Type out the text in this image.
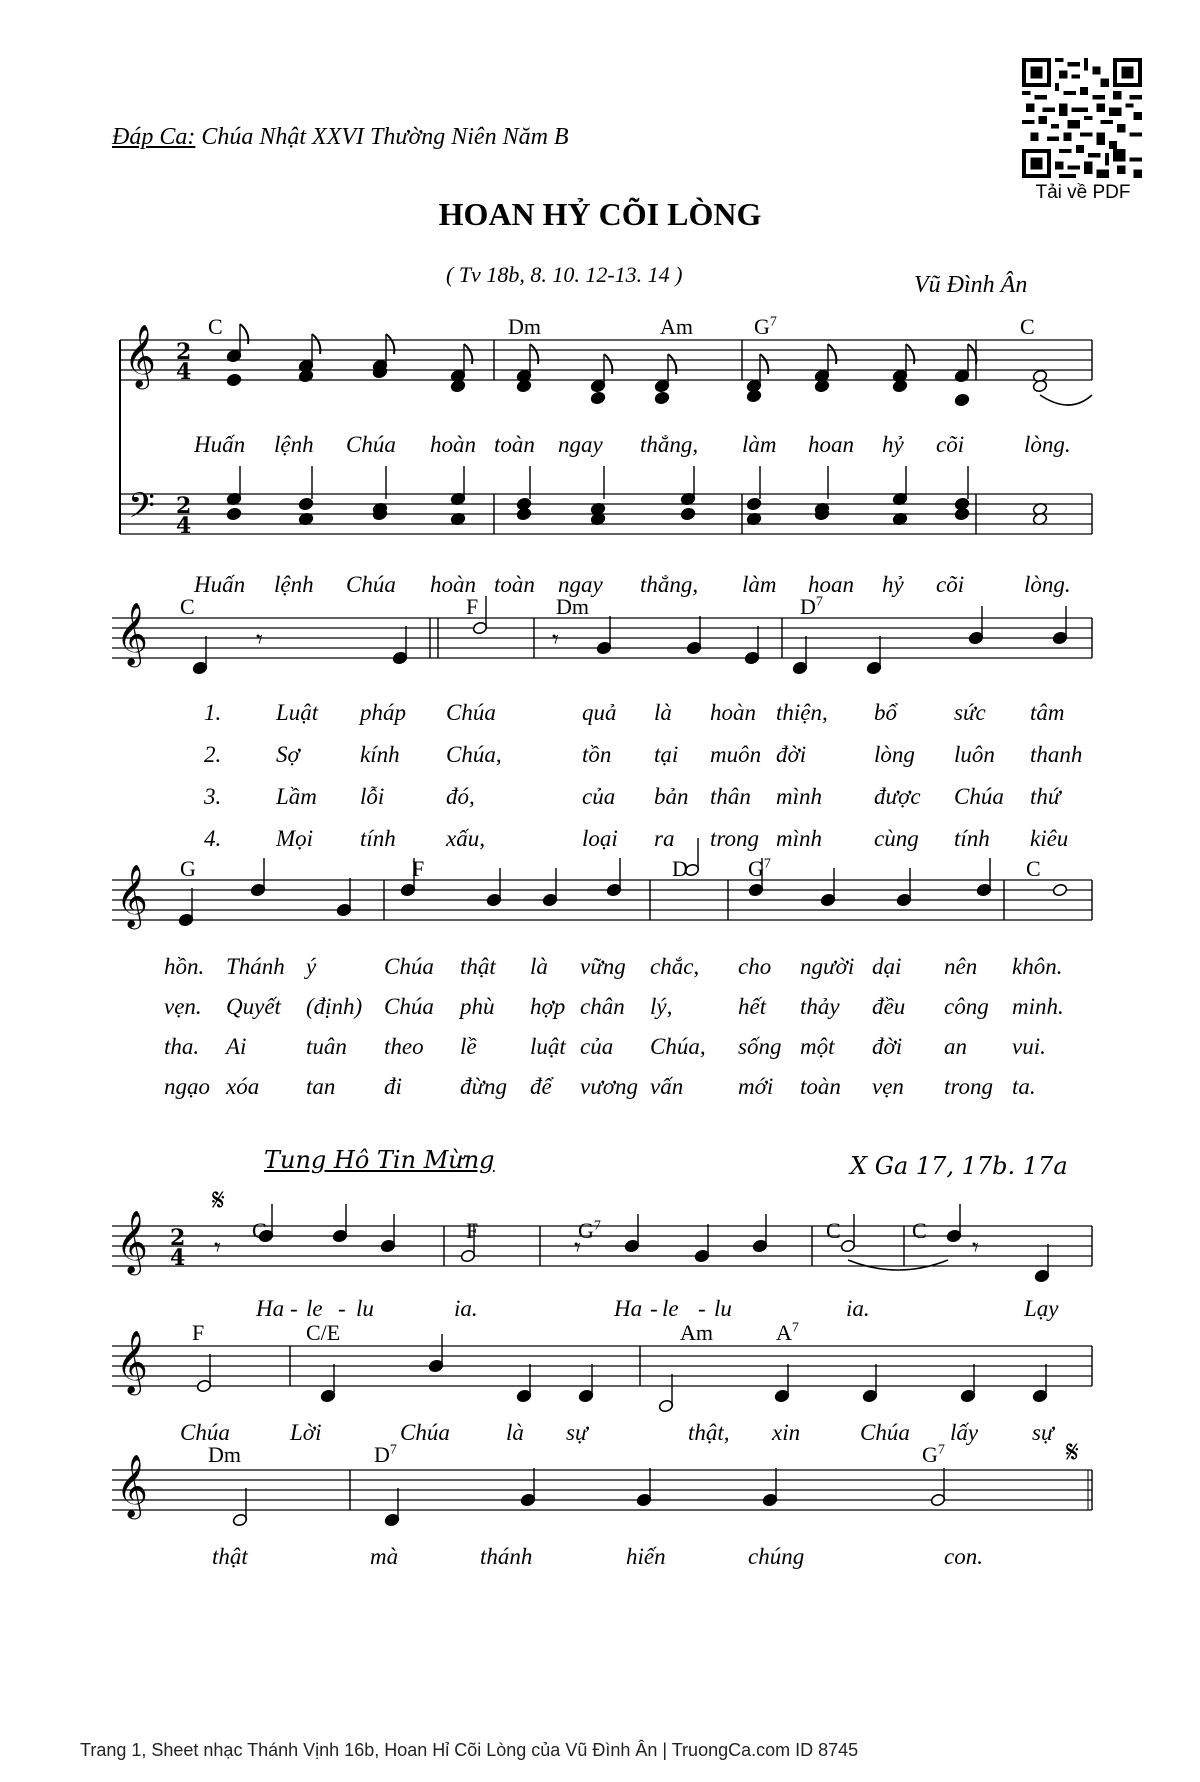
Đáp Ca: Chúa Nhật XXVI Thường Niên Năm B
Tải về PDF
HOAN HỶ CÕI LÒNG
( Tv 18b, 8. 10. 12-13. 14 )	Vũ Đình Ân
𝄞 2
4
𝄢 2
4
𝄞	𝄾	𝄾
𝄞
𝄞 2
4
𝄋
𝄾	𝄾	𝄾
𝄞
𝄞
𝄋
C	Dm	Am	$G^7$	C
Huấn lệnh Chúa hoàn toàn ngay thẳng, làm hoan hỷ cõi	lòng.
Huấn lệnh Chúa hoàn toàn ngay thẳng, làm hoan hỷ cõi	lòng.
C	F	Dm	$D^7$
1. Luật pháp Chúa	quả là hoàn thiện, bổ sức tâm
2. Sợ	kính Chúa,	tồn tại muôn đời	lòng luôn thanh
3. Lầm lỗi	đó,	của bản thân mình được Chúa thứ
4. Mọi tính xấu,	loại ra trong mình cùng tính kiêu
G	F	D	$G^7$	C
hồn. Thánh ý	Chúa thật là vững chắc, cho người dại nên khôn.
vẹn. Quyết (định) Chúa phù hợp chân lý,	hết thảy đều công minh.
tha. Ai	tuân theo lề luật của Chúa, sống một đời an vui.
ngạo xóa tan đi	đừng để vương vấn mới toàn vẹn trong ta.
C	F	$G^7$	C	C
Ha - le - lu	ia.	Ha - le - lu	ia.	Lạy
F	C/E	Am	$A^7$
Chúa	Lời	Chúa là sự	thật, xin	Chúa lấy sự
Dm	$D^7$	$G^7$
thật	mà	thánh	hiến	chúng	con.
Tung Hô Tin Mừng	X Ga 17, 17b. 17a
Trang 1, Sheet nhạc Thánh Vịnh 16b, Hoan Hỉ Cõi Lòng của Vũ Đình Ân | TruongCa.com ID 8745
